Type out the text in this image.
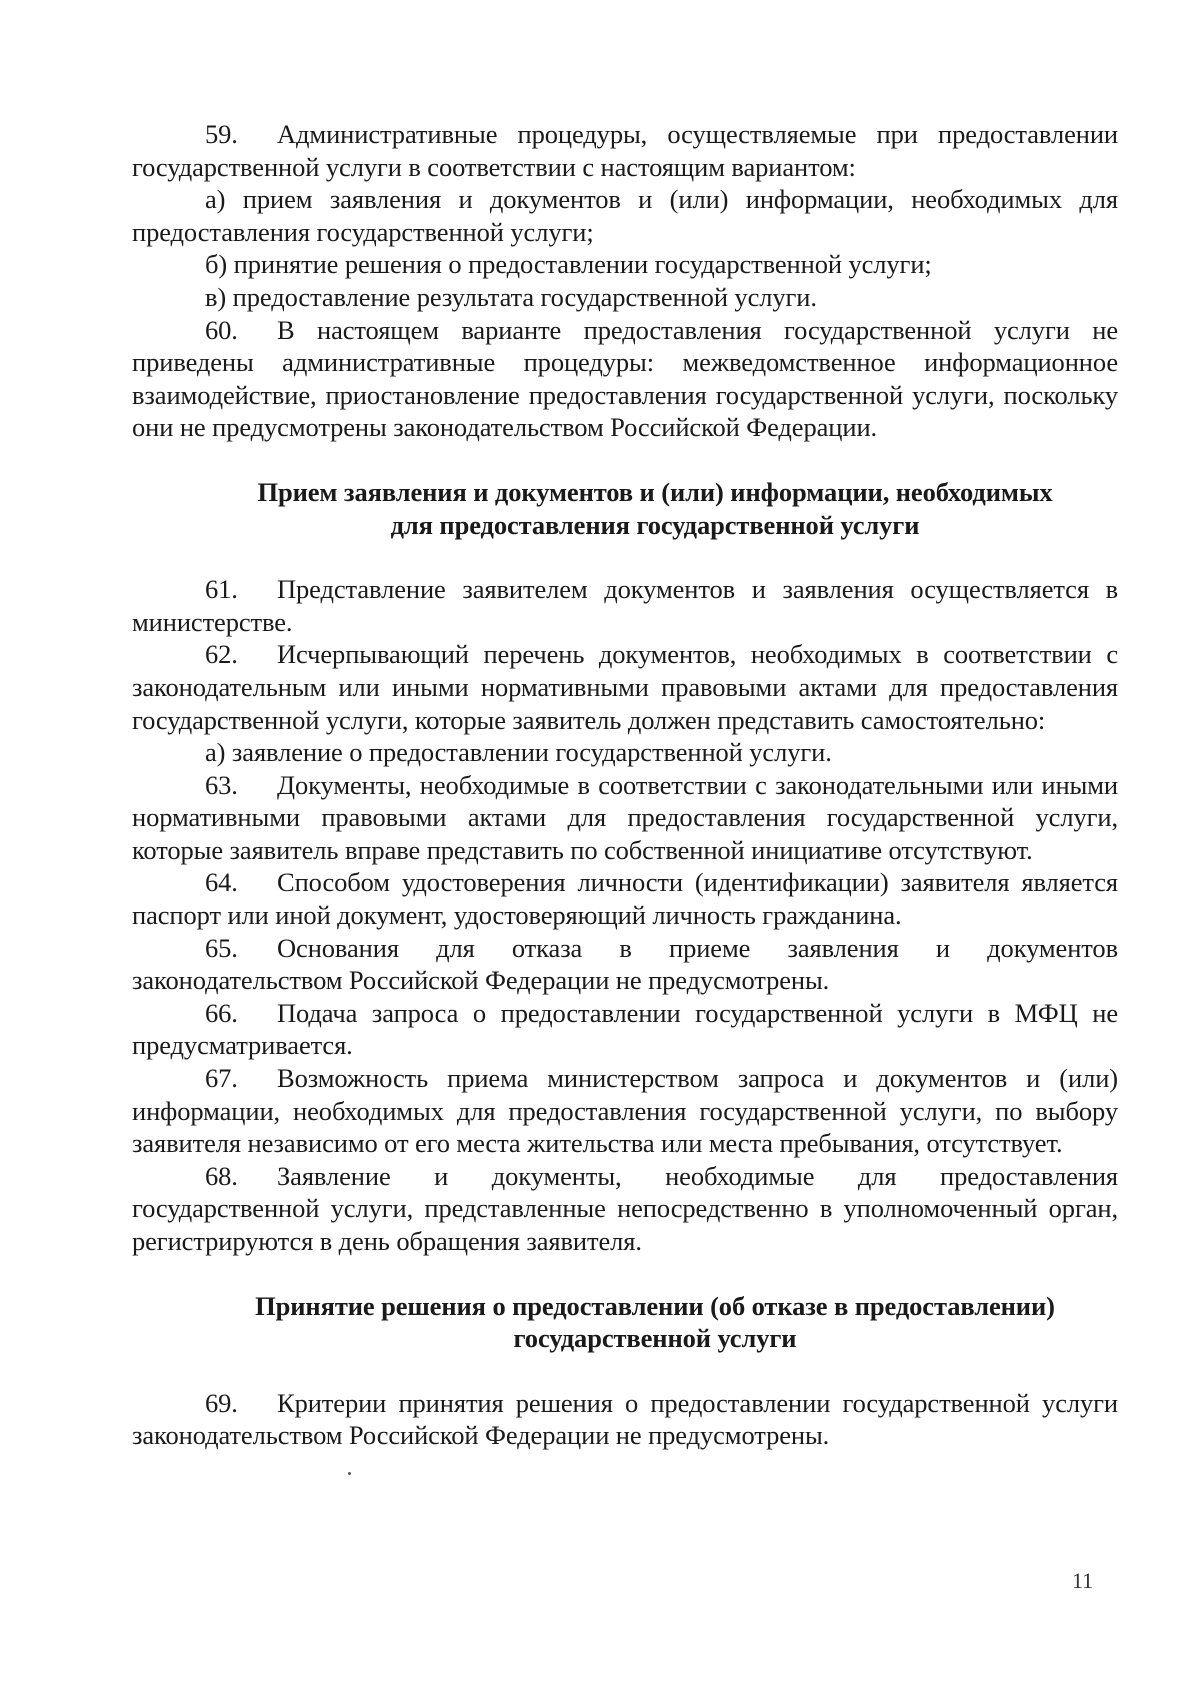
59. Административные процедуры, осуществляемые при предоставлении государственной услуги в соответствии с настоящим вариантом:

а) прием заявления и документов и (или) информации, необходимых для предоставления государственной услуги;

б) принятие решения о предоставлении государственной услуги;

в) предоставление результата государственной услуги.

60. В настоящем варианте предоставления государственной услуги не приведены административные процедуры: межведомственное информационное взаимодействие, приостановление предоставления государственной услуги, поскольку они не предусмотрены законодательством Российской Федерации.

Прием заявления и документов и (или) информации, необходимых
для предоставления государственной услуги

61. Представление заявителем документов и заявления осуществляется в министерстве.

62. Исчерпывающий перечень документов, необходимых в соответствии с законодательным или иными нормативными правовыми актами для предоставления государственной услуги, которые заявитель должен представить самостоятельно:

а) заявление о предоставлении государственной услуги.

63. Документы, необходимые в соответствии с законодательными или иными нормативными правовыми актами для предоставления государственной услуги, которые заявитель вправе представить по собственной инициативе отсутствуют.

64. Способом удостоверения личности (идентификации) заявителя является паспорт или иной документ, удостоверяющий личность гражданина.

65. Основания для отказа в приеме заявления и документов законодательством Российской Федерации не предусмотрены.

66. Подача запроса о предоставлении государственной услуги в МФЦ не предусматривается.

67. Возможность приема министерством запроса и документов и (или) информации, необходимых для предоставления государственной услуги, по выбору заявителя независимо от его места жительства или места пребывания, отсутствует.

68. Заявление и документы, необходимые для предоставления государственной услуги, представленные непосредственно в уполномоченный орган, регистрируются в день обращения заявителя.

Принятие решения о предоставлении (об отказе в предоставлении)
государственной услуги

69. Критерии принятия решения о предоставлении государственной услуги законодательством Российской Федерации не предусмотрены.

11
